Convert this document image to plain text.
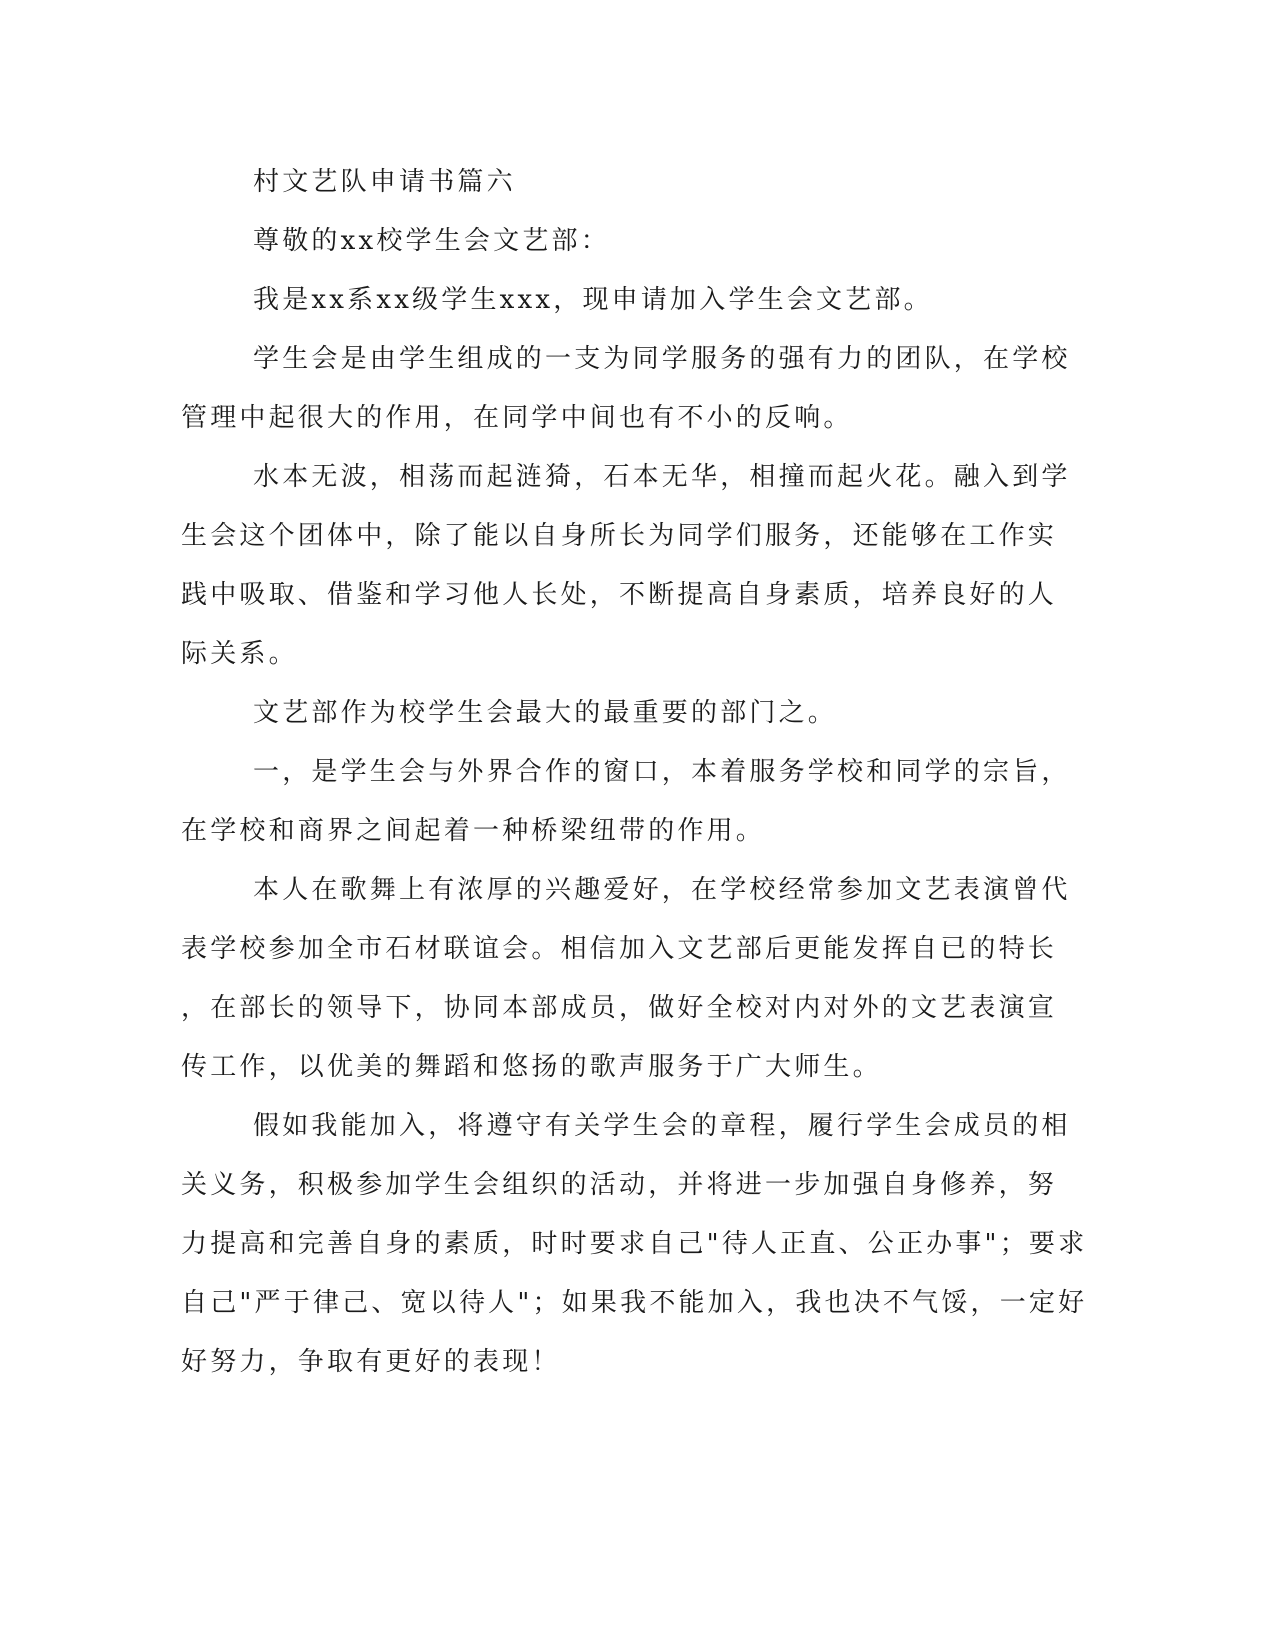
村文艺队申请书篇六
尊敬的xx校学生会文艺部：
我是xx系xx级学生xxx，现申请加入学生会文艺部。
学生会是由学生组成的一支为同学服务的强有力的团队，在学校
管理中起很大的作用，在同学中间也有不小的反响。
水本无波，相荡而起涟猗，石本无华，相撞而起火花。融入到学
生会这个团体中，除了能以自身所长为同学们服务，还能够在工作实
践中吸取、借鉴和学习他人长处，不断提高自身素质，培养良好的人
际关系。
文艺部作为校学生会最大的最重要的部门之。
一，是学生会与外界合作的窗口，本着服务学校和同学的宗旨，
在学校和商界之间起着一种桥梁纽带的作用。
本人在歌舞上有浓厚的兴趣爱好，在学校经常参加文艺表演曾代
表学校参加全市石材联谊会。相信加入文艺部后更能发挥自已的特长
，在部长的领导下，协同本部成员，做好全校对内对外的文艺表演宣
传工作，以优美的舞蹈和悠扬的歌声服务于广大师生。
假如我能加入，将遵守有关学生会的章程，履行学生会成员的相
关义务，积极参加学生会组织的活动，并将进一步加强自身修养，努
力提高和完善自身的素质，时时要求自己"待人正直、公正办事"；要求
自己"严于律己、宽以待人"；如果我不能加入，我也决不气馁，一定好
好努力，争取有更好的表现！
